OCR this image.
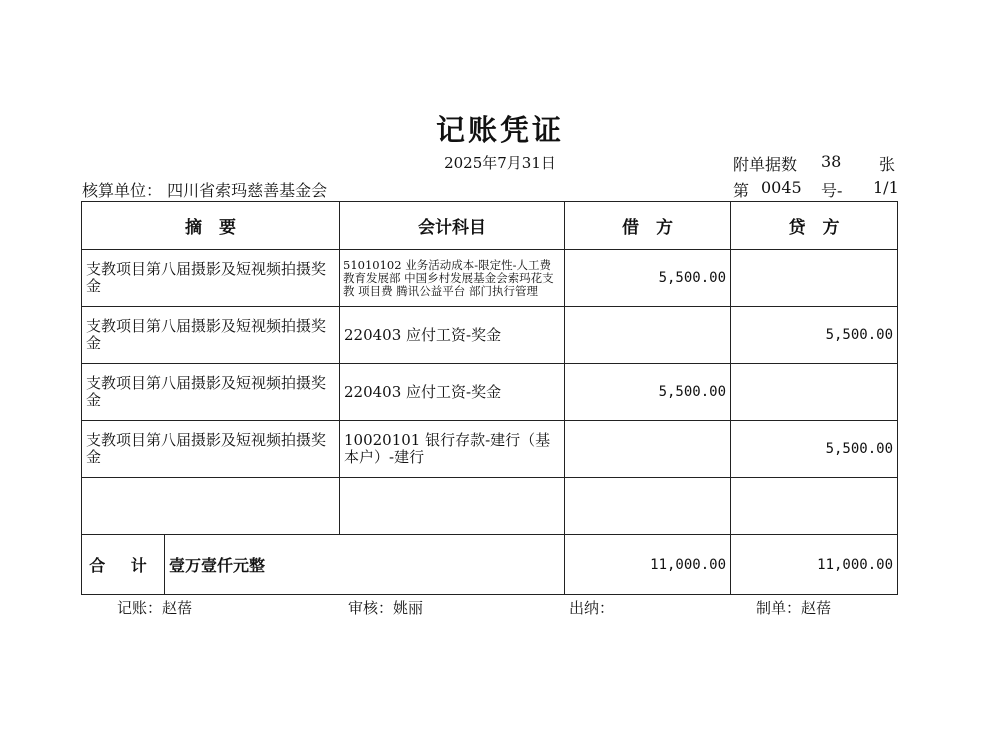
记账凭证
2025年7月31日
核算单位： 四川省索玛慈善基金会
附单据数 38 张
第 0045 号- 1/1
摘　要	会计科目	借　方	贷　方
支教项目第八届摄影及短视频拍摄奖金	51010102 业务活动成本-限定性-人工费 教育发展部 中国乡村发展基金会索玛花支教 项目费 腾讯公益平台 部门执行管理	5,500.00	
支教项目第八届摄影及短视频拍摄奖金	220403 应付工资-奖金		5,500.00
支教项目第八届摄影及短视频拍摄奖金	220403 应付工资-奖金	5,500.00	
支教项目第八届摄影及短视频拍摄奖金	10020101 银行存款-建行（基本户）-建行		5,500.00

合 计 壹万壹仟元整		11,000.00	11,000.00
记账：赵蓓	审核：姚丽	出纳：	制单：赵蓓
